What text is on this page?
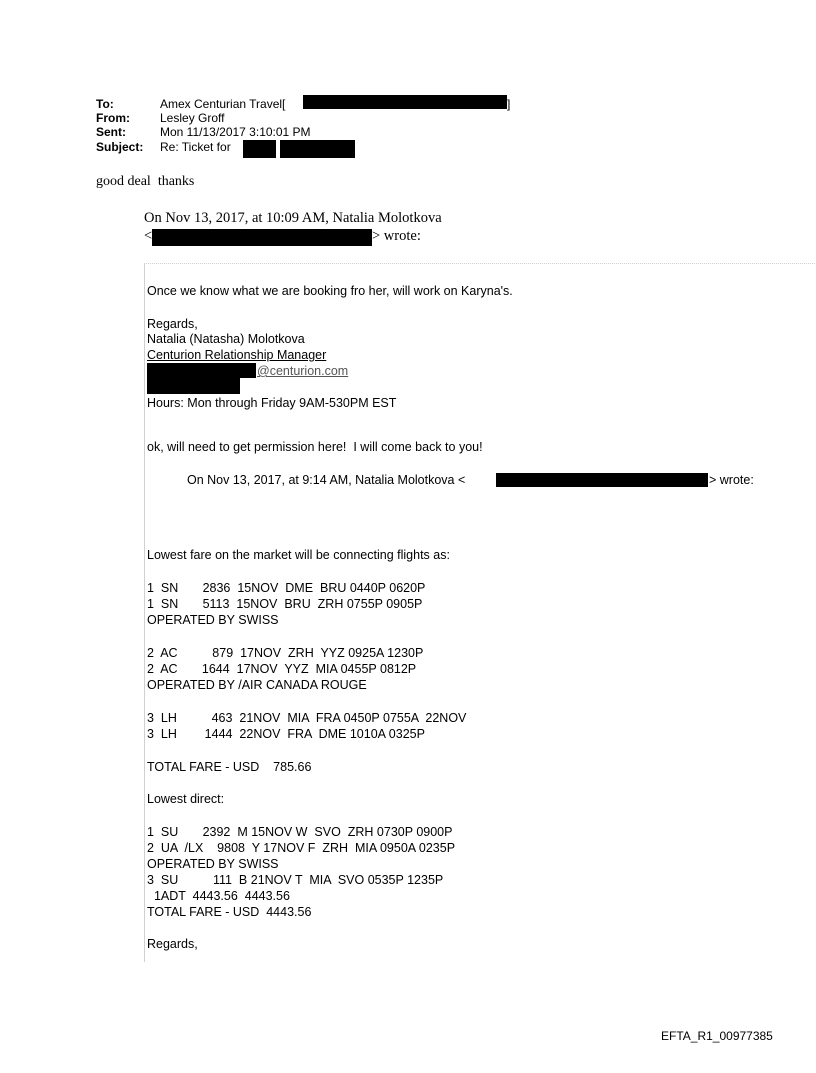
To:	Amex Centurian Travel[	]
From:	Lesley Groff
Sent:	Mon 11/13/2017 3:10:01 PM
Subject: Re: Ticket for
good deal  thanks
On Nov 13, 2017, at 10:09 AM, Natalia Molotkova
<	> wrote:
Once we know what we are booking fro her, will work on Karyna's.
Regards,
Natalia (Natasha) Molotkova
Centurion Relationship Manager
@centurion.com
Hours: Mon through Friday 9AM-530PM EST
ok, will need to get permission here!  I will come back to you!
On Nov 13, 2017, at 9:14 AM, Natalia Molotkova <	> wrote:
Lowest fare on the market will be connecting flights as:
1  SN       2836  15NOV  DME  BRU 0440P 0620P
1  SN       5113  15NOV  BRU  ZRH 0755P 0905P
OPERATED BY SWISS
2  AC          879  17NOV  ZRH  YYZ 0925A 1230P
2  AC       1644  17NOV  YYZ  MIA 0455P 0812P
OPERATED BY /AIR CANADA ROUGE
3  LH          463  21NOV  MIA  FRA 0450P 0755A  22NOV
3  LH        1444  22NOV  FRA  DME 1010A 0325P
TOTAL FARE - USD    785.66
Lowest direct:
1  SU       2392  M 15NOV W  SVO  ZRH 0730P 0900P
2  UA  /LX    9808  Y 17NOV F  ZRH  MIA 0950A 0235P
OPERATED BY SWISS
3  SU          111  B 21NOV T  MIA  SVO 0535P 1235P
1ADT  4443.56  4443.56
TOTAL FARE - USD  4443.56
Regards,
EFTA_R1_00977385
